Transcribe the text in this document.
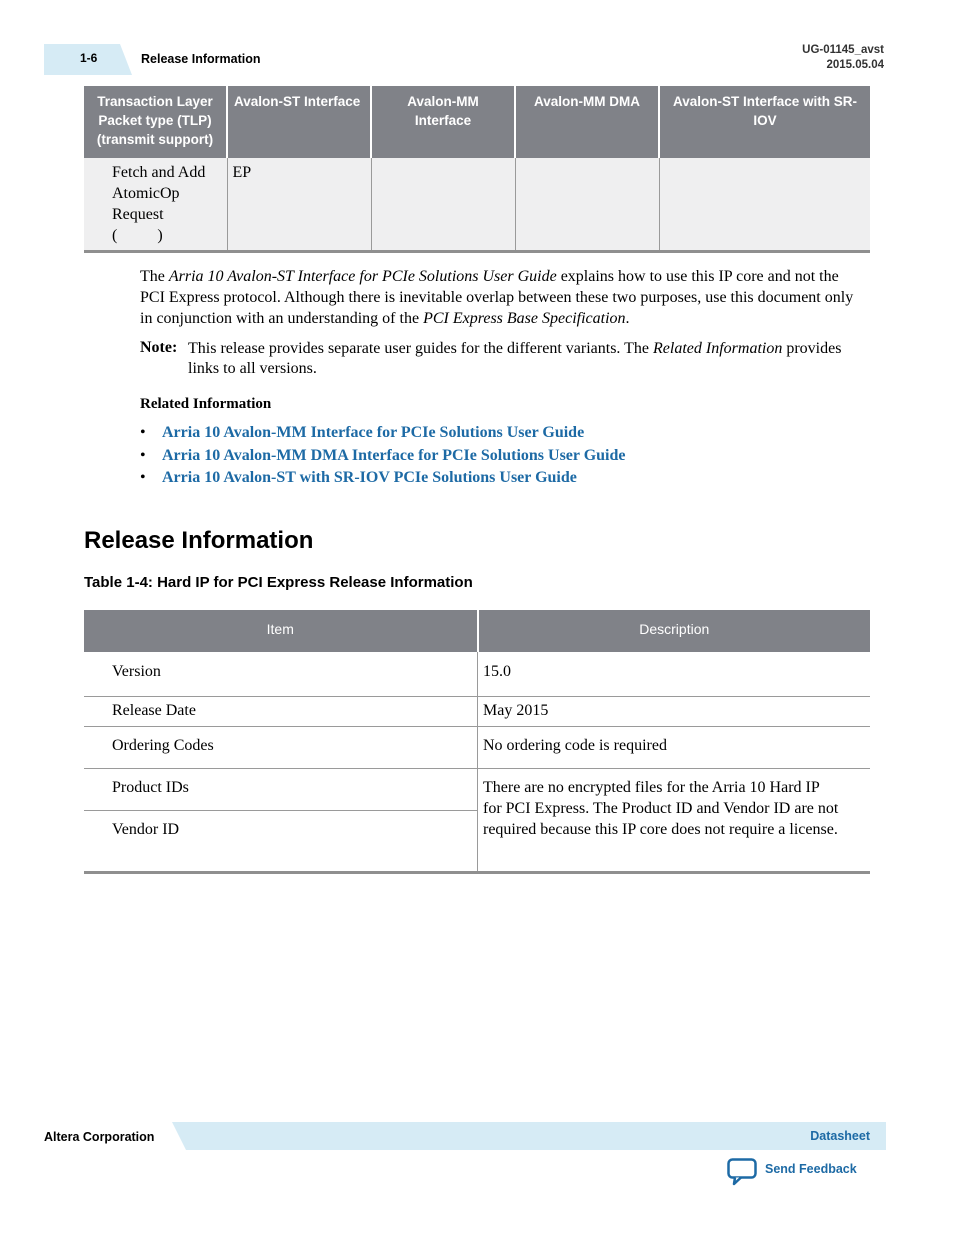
1-6	Release Information
UG-01145_avst
2015.05.04
Transaction Layer Packet type (TLP) (transmit support)	Avalon-ST Interface	Avalon-MM Interface	Avalon-MM DMA	Avalon-ST Interface with SR-IOV

Fetch and Add AtomicOp Request
(          )	EP			
The Arria 10 Avalon-ST Interface for PCIe Solutions User Guide explains how to use this IP core and not the PCI Express protocol. Although there is inevitable overlap between these two purposes, use this document only in conjunction with an understanding of the PCI Express Base Specification.
Note: This release provides separate user guides for the different variants. The Related Information provides links to all versions.
Related Information
• Arria 10 Avalon-MM Interface for PCIe Solutions User Guide
• Arria 10 Avalon-MM DMA Interface for PCIe Solutions User Guide
• Arria 10 Avalon-ST with SR-IOV PCIe Solutions User Guide
Release Information
Table 1-4: Hard IP for PCI Express Release Information
Item	Description
Version	15.0
Release Date	May 2015
Ordering Codes	No ordering code is required
Product IDs	There are no encrypted files for the Arria 10 Hard IP for PCI Express. The Product ID and Vendor ID are not required because this IP core does not require a license.
Vendor ID	
Altera Corporation	Datasheet
Send Feedback
